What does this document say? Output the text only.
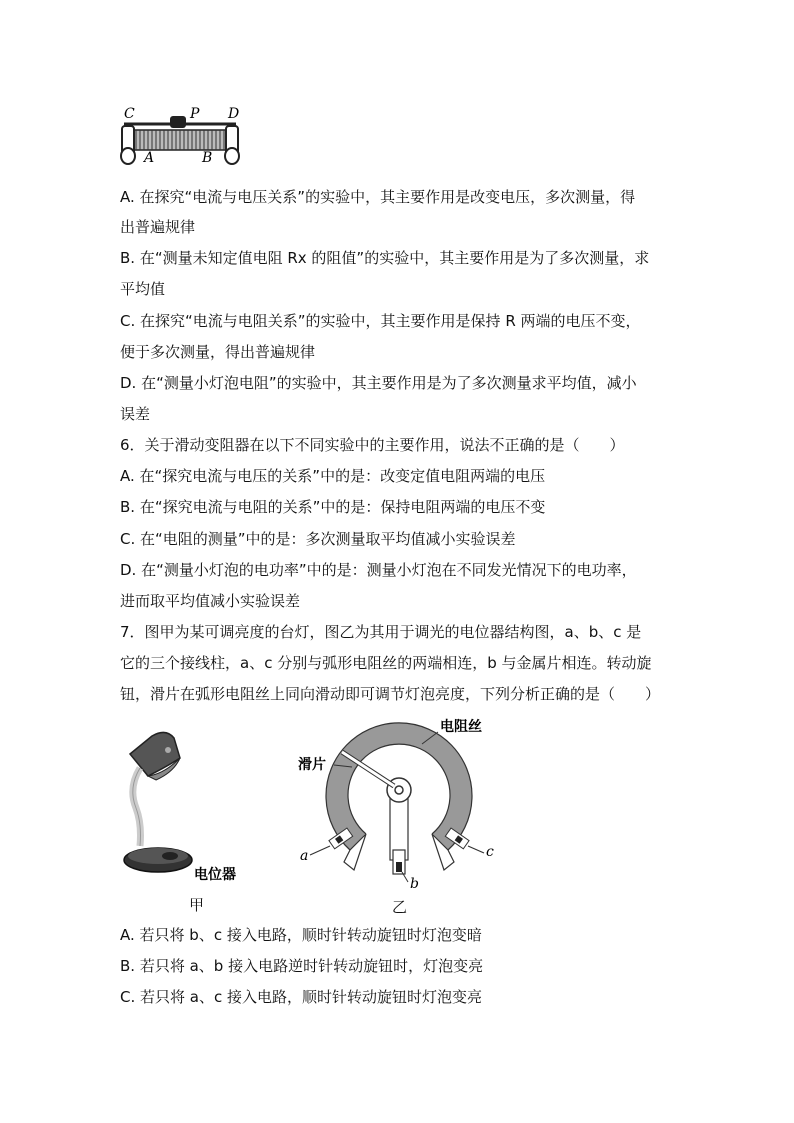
C	P D
A	B
A. 在探究“电流与电压关系”的实验中，其主要作用是改变电压，多次测量，得
出普遍规律
B. 在“测量未知定值电阻 Rx 的阻值”的实验中，其主要作用是为了多次测量，求
平均值
C. 在探究“电流与电阻关系”的实验中，其主要作用是保持 R 两端的电压不变，
便于多次测量，得出普遍规律
D. 在“测量小灯泡电阻”的实验中，其主要作用是为了多次测量求平均值，减小
误差
6．关于滑动变阻器在以下不同实验中的主要作用，说法不正确的是（　　）
A. 在“探究电流与电压的关系”中的是：改变定值电阻两端的电压
B. 在“探究电流与电阻的关系”中的是：保持电阻两端的电压不变
C. 在“电阻的测量”中的是：多次测量取平均值减小实验误差
D. 在“测量小灯泡的电功率”中的是：测量小灯泡在不同发光情况下的电功率，
进而取平均值减小实验误差
7．图甲为某可调亮度的台灯，图乙为其用于调光的电位器结构图，a、b、c 是
它的三个接线柱，a、c 分别与弧形电阻丝的两端相连，b 与金属片相连。转动旋
钮，滑片在弧形电阻丝上同向滑动即可调节灯泡亮度，下列分析正确的是（　　）
电位器
甲
电阻丝
滑片
a
b
c
乙
A. 若只将 b、c 接入电路，顺时针转动旋钮时灯泡变暗
B. 若只将 a、b 接入电路逆时针转动旋钮时，灯泡变亮
C. 若只将 a、c 接入电路，顺时针转动旋钮时灯泡变亮
